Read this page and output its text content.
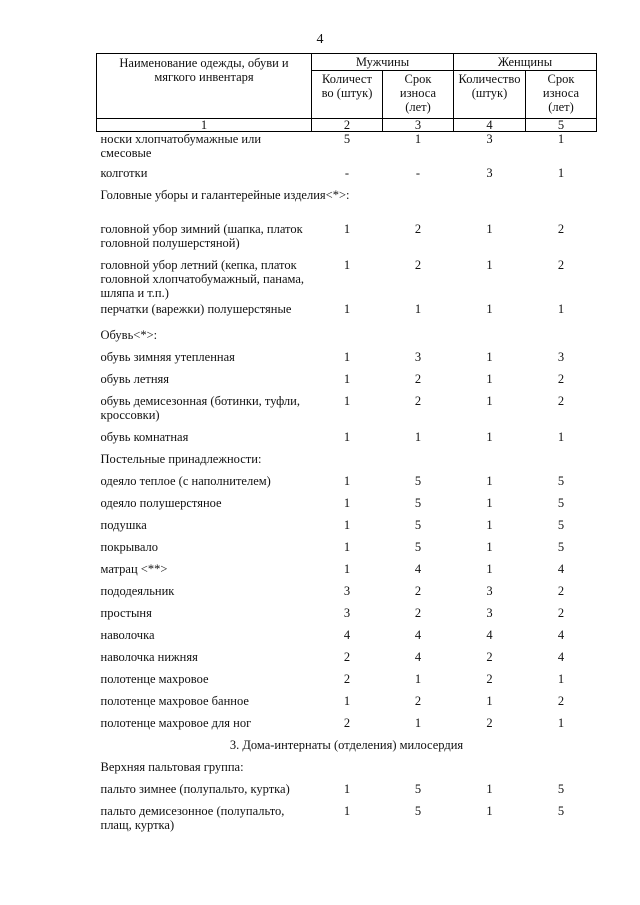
4
Наименование одежды, обуви и мягкого инвентаря	Мужчины		Женщины	
	Количест во (штук)	Срок износа (лет)	Количество (штук)	Срок износа (лет)
1	2	3	4	5
носки хлопчатобумажные или смесовые	5	1	3	1
колготки	-	-	3	1
Головные уборы и галантерейные изделия<*>:				
головной убор зимний (шапка, платок головной полушерстяной)	1	2	1	2
головной убор летний (кепка, платок головной хлопчатобумажный, панама, шляпа и т.п.)	1	2	1	2
перчатки (варежки) полушерстяные	1	1	1	1
Обувь<*>:				
обувь зимняя утепленная	1	3	1	3
обувь летняя	1	2	1	2
обувь демисезонная (ботинки, туфли, кроссовки)	1	2	1	2
обувь комнатная	1	1	1	1
Постельные принадлежности:				
одеяло теплое (с наполнителем)	1	5	1	5
одеяло полушерстяное	1	5	1	5
подушка	1	5	1	5
покрывало	1	5	1	5
матрац <**>	1	4	1	4
пододеяльник	3	2	3	2
простыня	3	2	3	2
наволочка	4	4	4	4
наволочка нижняя	2	4	2	4
полотенце махровое	2	1	2	1
полотенце махровое банное	1	2	1	2
полотенце махровое для ног	2	1	2	1
3. Дома-интернаты (отделения) милосердия				
Верхняя пальтовая группа:				
пальто зимнее (полупальто, куртка)	1	5	1	5
пальто демисезонное (полупальто, плащ, куртка)	1	5	1	5
